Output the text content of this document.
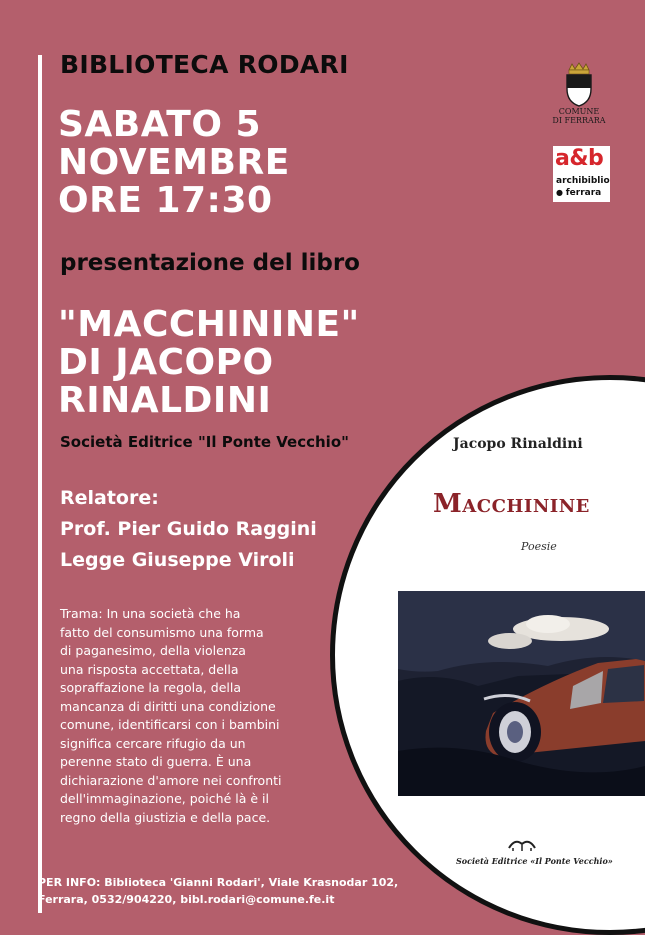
BIBLIOTECA RODARI
SABATO 5
NOVEMBRE
ORE 17:30
presentazione del libro
"MACCHININE"
DI JACOPO
RINALDINI
Società Editrice "Il Ponte Vecchio"
Relatore:
Prof. Pier Guido Raggini
Legge Giuseppe Viroli
Trama: In una società che ha
fatto del consumismo una forma
di paganesimo, della violenza
una risposta accettata, della
sopraffazione la regola, della
mancanza di diritti una condizione
comune, identificarsi con i bambini
significa cercare rifugio da un
perenne stato di guerra. È una
dichiarazione d'amore nei confronti
dell'immaginazione, poiché là è il
regno della giustizia e della pace.
PER INFO: Biblioteca 'Gianni Rodari', Viale Krasnodar 102,
Ferrara, 0532/904220, bibl.rodari@comune.fe.it
COMUNE
DI FERRARA
a&b
archibiblio
● ferrara
Jacopo Rinaldini
Macchinine
Poesie
Società Editrice «Il Ponte Vecchio»
